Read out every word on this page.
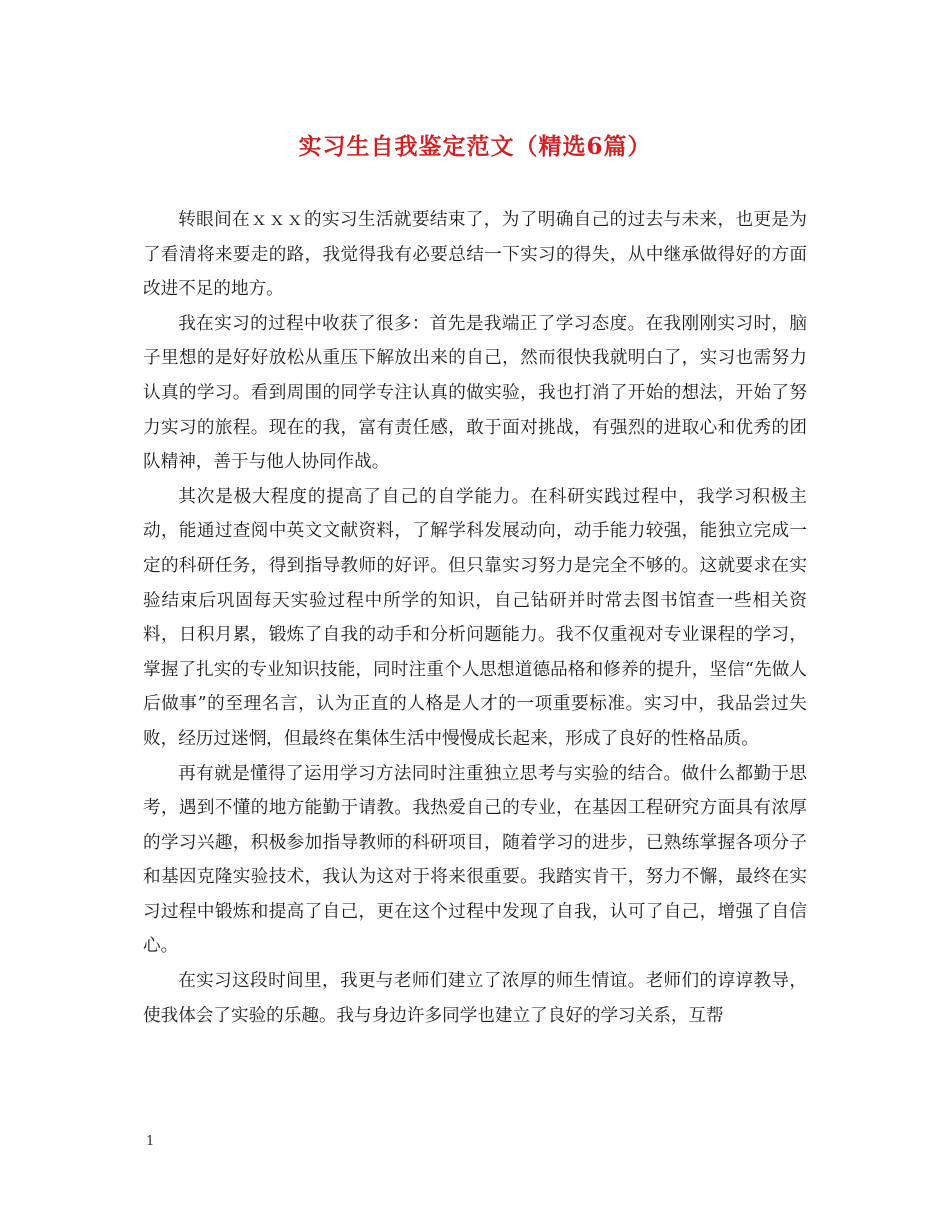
实习生自我鉴定范文（精选6篇）

转眼间在ｘｘｘ的实习生活就要结束了，为了明确自己的过去与未来，也更是为了看清将来要走的路，我觉得我有必要总结一下实习的得失，从中继承做得好的方面改进不足的地方。

我在实习的过程中收获了很多：首先是我端正了学习态度。在我刚刚实习时，脑子里想的是好好放松从重压下解放出来的自己，然而很快我就明白了，实习也需努力认真的学习。看到周围的同学专注认真的做实验，我也打消了开始的想法，开始了努力实习的旅程。现在的我，富有责任感，敢于面对挑战，有强烈的进取心和优秀的团队精神，善于与他人协同作战。

其次是极大程度的提高了自己的自学能力。在科研实践过程中，我学习积极主动，能通过查阅中英文文献资料，了解学科发展动向，动手能力较强，能独立完成一定的科研任务，得到指导教师的好评。但只靠实习努力是完全不够的。这就要求在实验结束后巩固每天实验过程中所学的知识，自己钻研并时常去图书馆查一些相关资料，日积月累，锻炼了自我的动手和分析问题能力。我不仅重视对专业课程的学习，掌握了扎实的专业知识技能，同时注重个人思想道德品格和修养的提升，坚信“先做人后做事”的至理名言，认为正直的人格是人才的一项重要标准。实习中，我品尝过失败，经历过迷惘，但最终在集体生活中慢慢成长起来，形成了良好的性格品质。

再有就是懂得了运用学习方法同时注重独立思考与实验的结合。做什么都勤于思考，遇到不懂的地方能勤于请教。我热爱自己的专业，在基因工程研究方面具有浓厚的学习兴趣，积极参加指导教师的科研项目，随着学习的进步，已熟练掌握各项分子和基因克隆实验技术，我认为这对于将来很重要。我踏实肯干，努力不懈，最终在实习过程中锻炼和提高了自己，更在这个过程中发现了自我，认可了自己，增强了自信心。

在实习这段时间里，我更与老师们建立了浓厚的师生情谊。老师们的谆谆教导，使我体会了实验的乐趣。我与身边许多同学也建立了良好的学习关系，互帮

1
